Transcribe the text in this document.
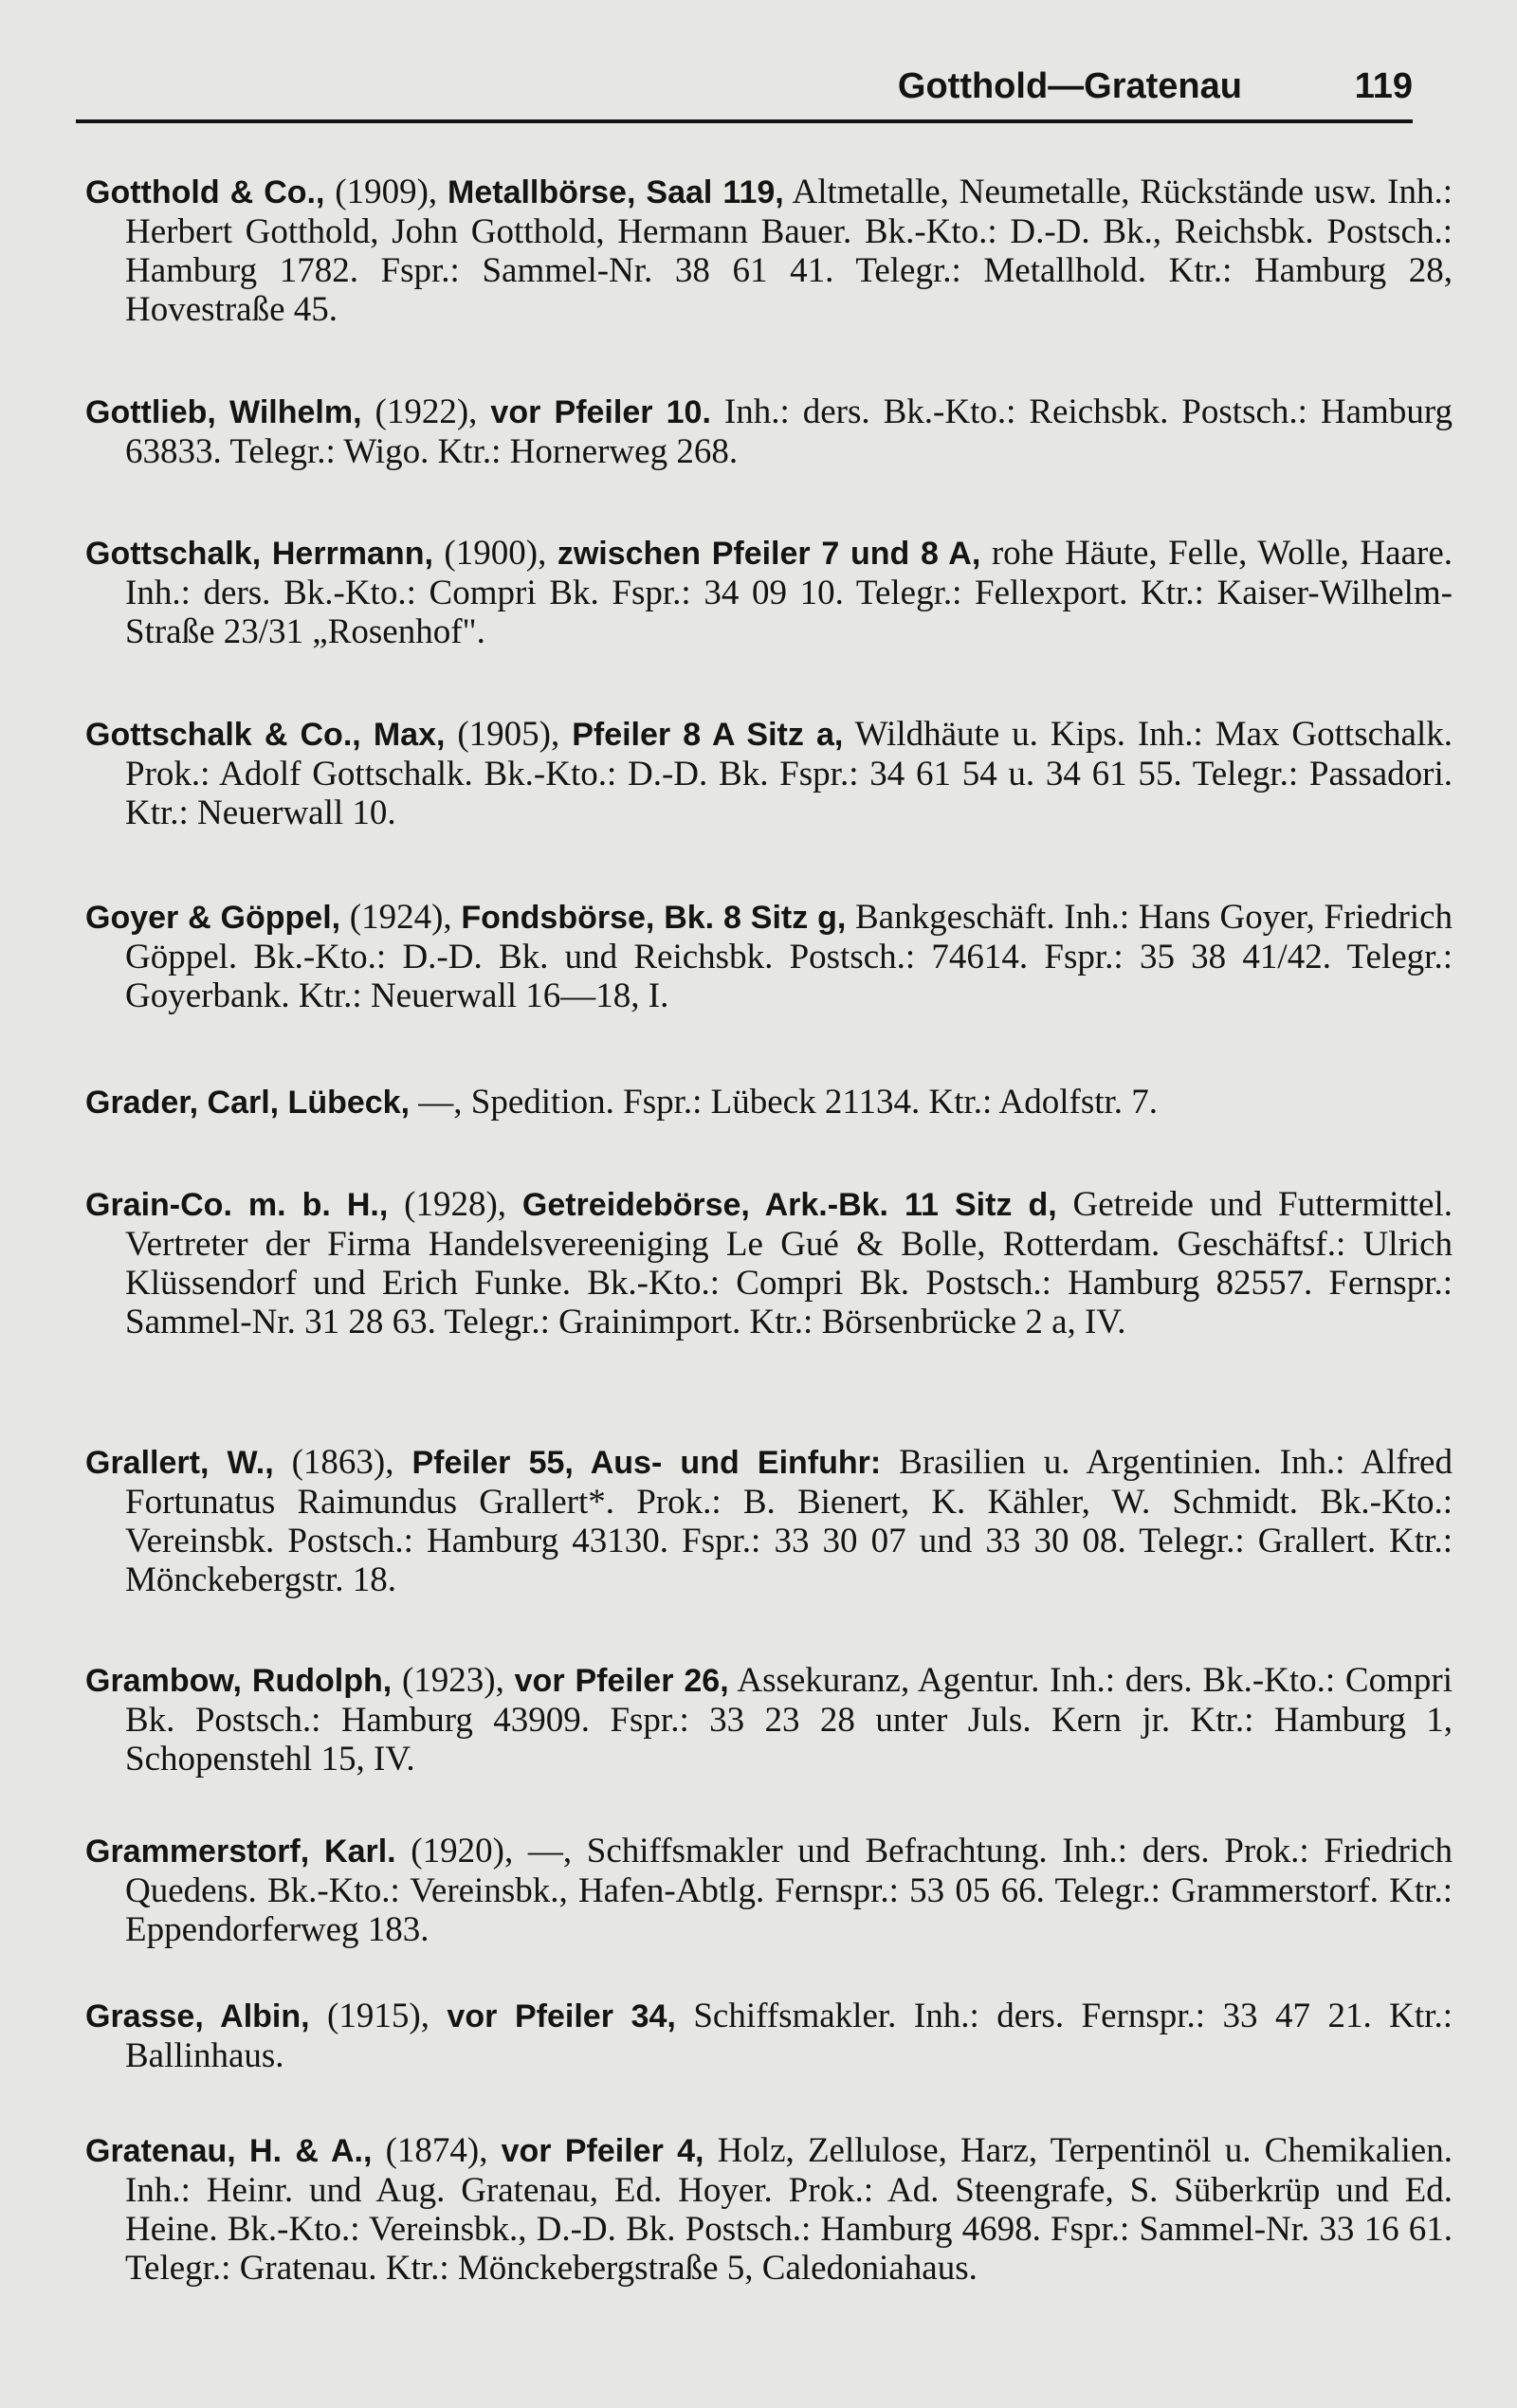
Gotthold—Gratenau	119

Gotthold & Co., (1909), Metallbörse, Saal 119, Altmetalle, Neumetalle, Rückstände usw. Inh.: Herbert Gotthold, John Gotthold, Hermann Bauer. Bk.-Kto.: D.-D. Bk., Reichsbk. Postsch.: Hamburg 1782. Fspr.: Sammel-Nr. 38 61 41. Telegr.: Metallhold. Ktr.: Hamburg 28, Hovestraße 45.

Gottlieb, Wilhelm, (1922), vor Pfeiler 10. Inh.: ders. Bk.-Kto.: Reichsbk. Postsch.: Hamburg 63833. Telegr.: Wigo. Ktr.: Hornerweg 268.

Gottschalk, Herrmann, (1900), zwischen Pfeiler 7 und 8 A, rohe Häute, Felle, Wolle, Haare. Inh.: ders. Bk.-Kto.: Compri Bk. Fspr.: 34 09 10. Telegr.: Fellexport. Ktr.: Kaiser-Wilhelm-Straße 23/31 „Rosenhof".

Gottschalk & Co., Max, (1905), Pfeiler 8 A Sitz a, Wildhäute u. Kips. Inh.: Max Gottschalk. Prok.: Adolf Gottschalk. Bk.-Kto.: D.-D. Bk. Fspr.: 34 61 54 u. 34 61 55. Telegr.: Passadori. Ktr.: Neuerwall 10.

Goyer & Göppel, (1924), Fondsbörse, Bk. 8 Sitz g, Bankgeschäft. Inh.: Hans Goyer, Friedrich Göppel. Bk.-Kto.: D.-D. Bk. und Reichsbk. Postsch.: 74614. Fspr.: 35 38 41/42. Telegr.: Goyerbank. Ktr.: Neuerwall 16—18, I.

Grader, Carl, Lübeck, —, Spedition. Fspr.: Lübeck 21134. Ktr.: Adolfstr. 7.

Grain-Co. m. b. H., (1928), Getreidebörse, Ark.-Bk. 11 Sitz d, Getreide und Futtermittel. Vertreter der Firma Handelsvereeniging Le Gué & Bolle, Rotterdam. Geschäftsf.: Ulrich Klüssendorf und Erich Funke. Bk.-Kto.: Compri Bk. Postsch.: Hamburg 82557. Fernspr.: Sammel-Nr. 31 28 63. Telegr.: Grainimport. Ktr.: Börsenbrücke 2 a, IV.

Grallert, W., (1863), Pfeiler 55, Aus- und Einfuhr: Brasilien u. Argentinien. Inh.: Alfred Fortunatus Raimundus Grallert*. Prok.: B. Bienert, K. Kähler, W. Schmidt. Bk.-Kto.: Vereinsbk. Postsch.: Hamburg 43130. Fspr.: 33 30 07 und 33 30 08. Telegr.: Grallert. Ktr.: Mönckebergstr. 18.

Grambow, Rudolph, (1923), vor Pfeiler 26, Assekuranz, Agentur. Inh.: ders. Bk.-Kto.: Compri Bk. Postsch.: Hamburg 43909. Fspr.: 33 23 28 unter Juls. Kern jr. Ktr.: Hamburg 1, Schopenstehl 15, IV.

Grammerstorf, Karl. (1920), —, Schiffsmakler und Befrachtung. Inh.: ders. Prok.: Friedrich Quedens. Bk.-Kto.: Vereinsbk., Hafen-Abtlg. Fernspr.: 53 05 66. Telegr.: Grammerstorf. Ktr.: Eppendorferweg 183.

Grasse, Albin, (1915), vor Pfeiler 34, Schiffsmakler. Inh.: ders. Fernspr.: 33 47 21. Ktr.: Ballinhaus.

Gratenau, H. & A., (1874), vor Pfeiler 4, Holz, Zellulose, Harz, Terpentinöl u. Chemikalien. Inh.: Heinr. und Aug. Gratenau, Ed. Hoyer. Prok.: Ad. Steengrafe, S. Süberkrüp und Ed. Heine. Bk.-Kto.: Vereinsbk., D.-D. Bk. Postsch.: Hamburg 4698. Fspr.: Sammel-Nr. 33 16 61. Telegr.: Gratenau. Ktr.: Mönckebergstraße 5, Caledoniahaus.
